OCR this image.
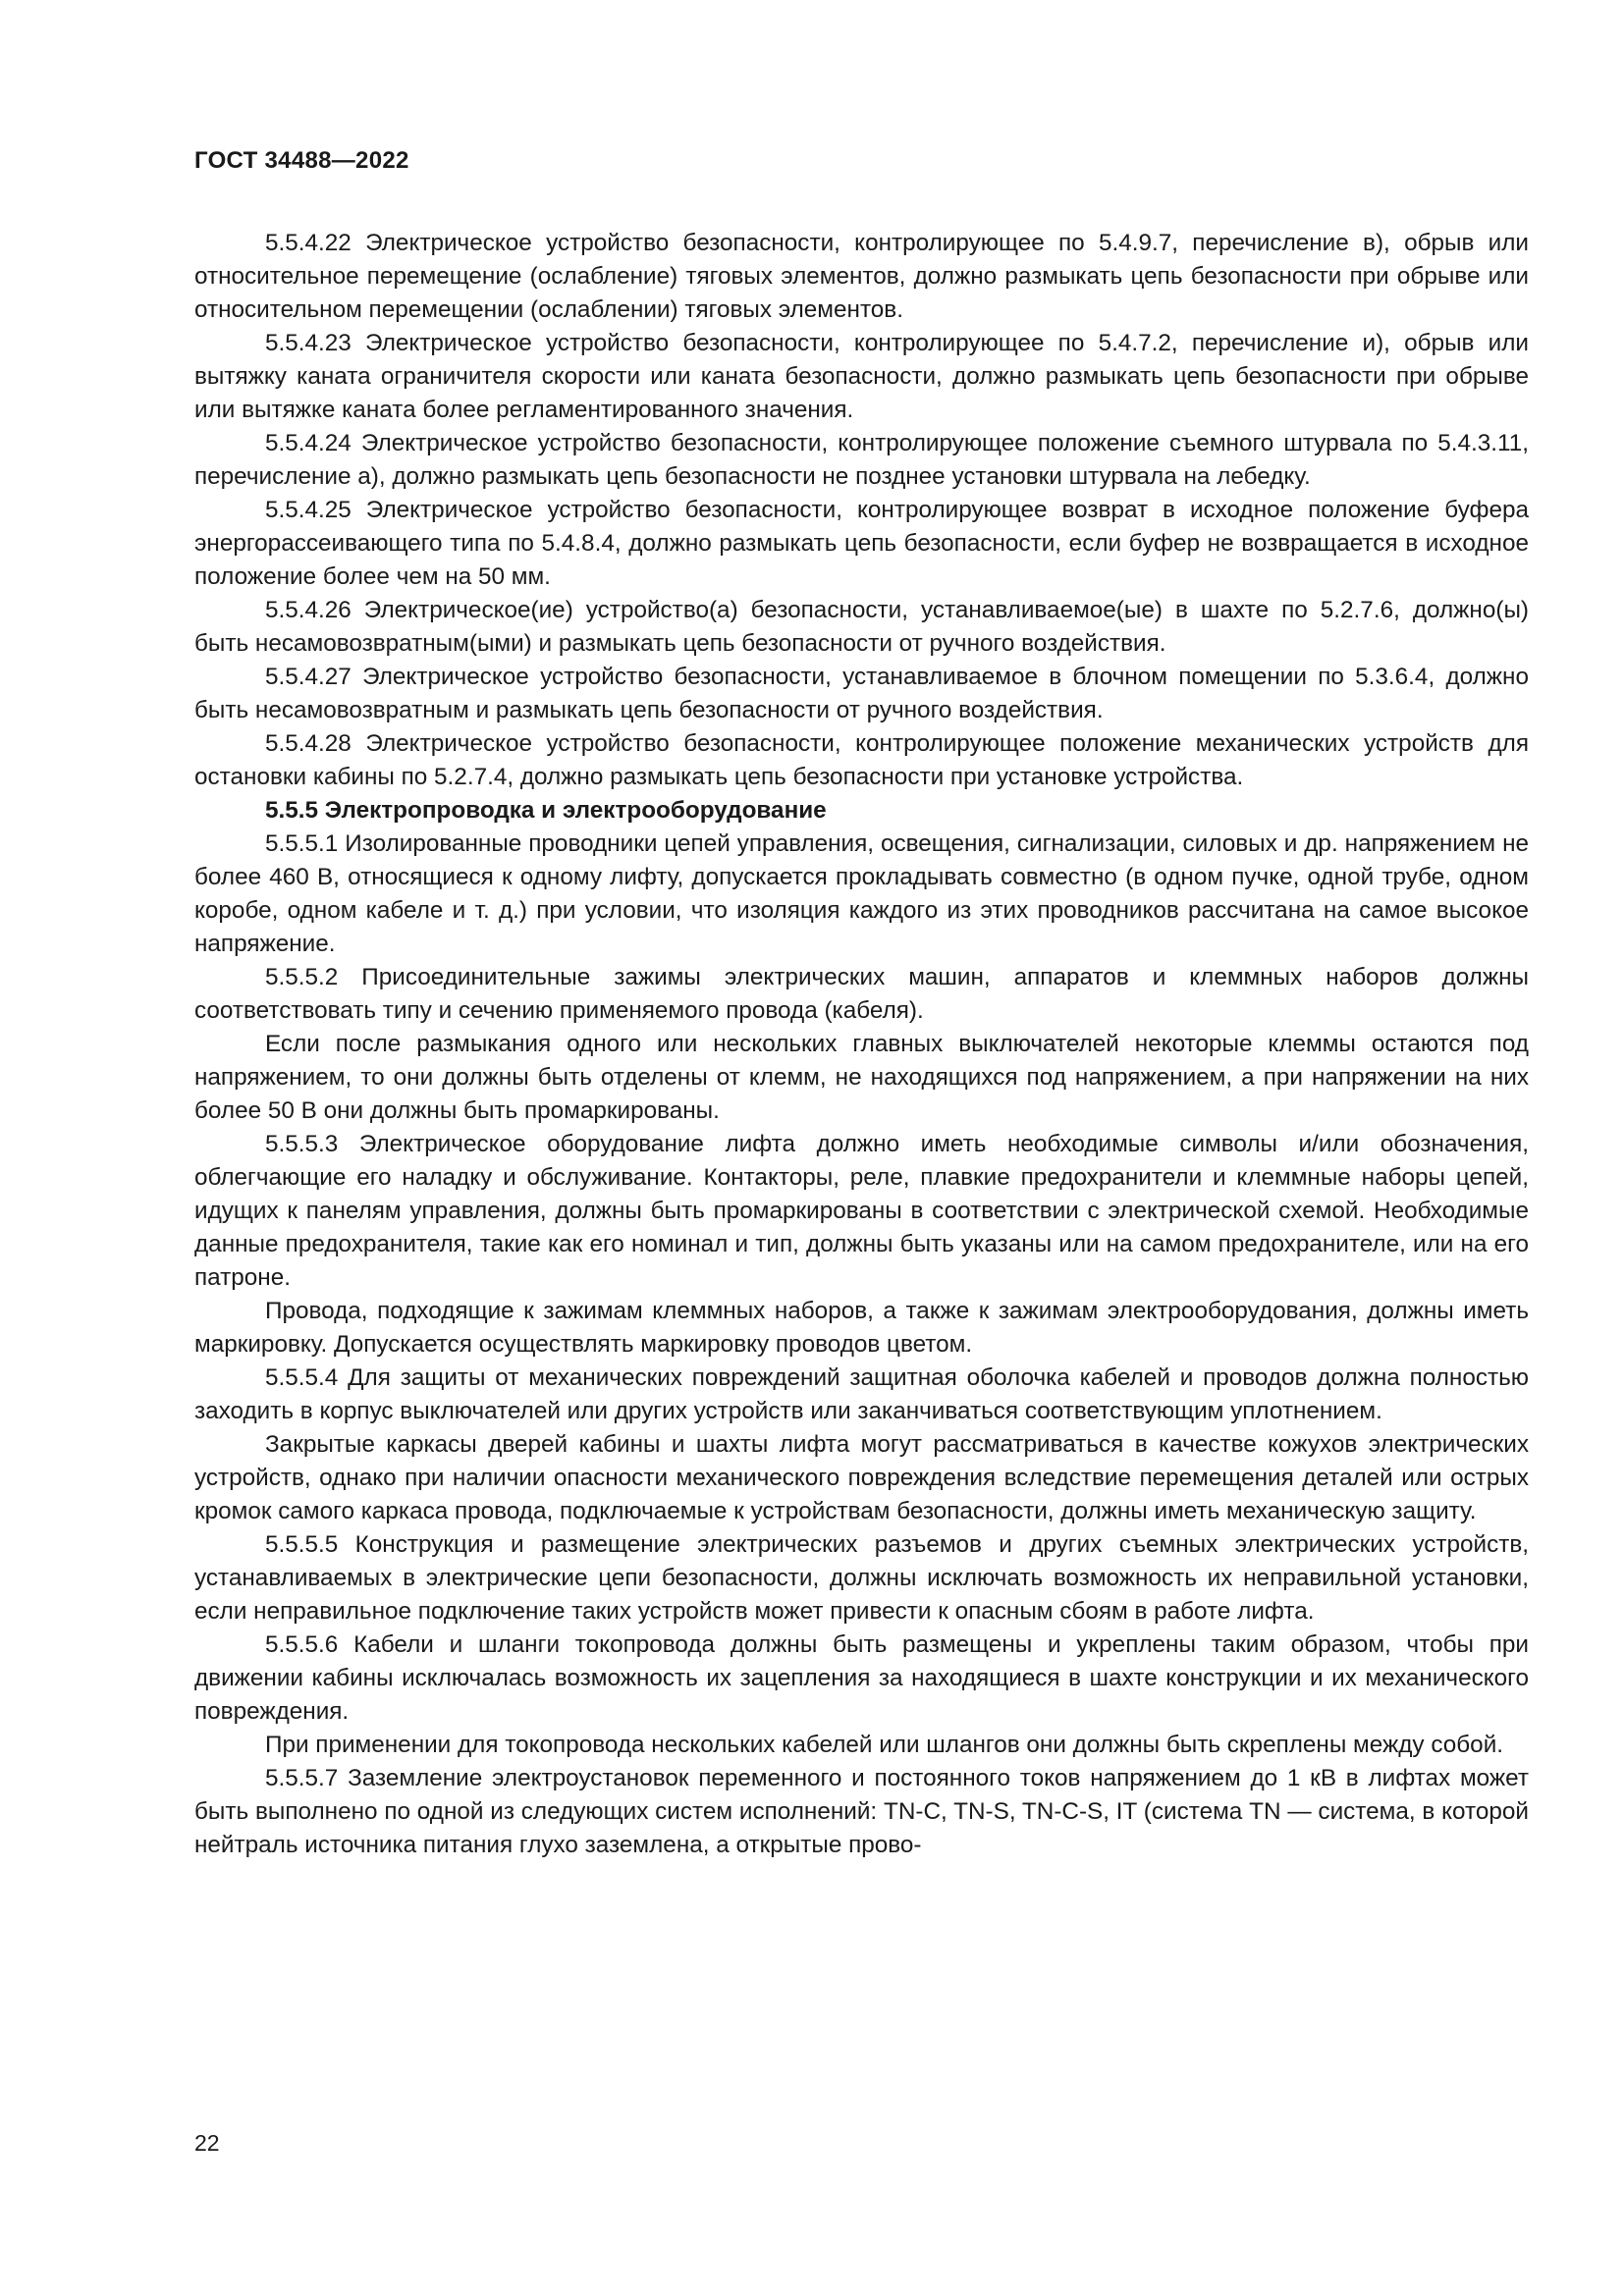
ГОСТ 34488—2022

5.5.4.22 Электрическое устройство безопасности, контролирующее по 5.4.9.7, перечисление в), обрыв или относительное перемещение (ослабление) тяговых элементов, должно размыкать цепь безопасности при обрыве или относительном перемещении (ослаблении) тяговых элементов.

5.5.4.23 Электрическое устройство безопасности, контролирующее по 5.4.7.2, перечисление и), обрыв или вытяжку каната ограничителя скорости или каната безопасности, должно размыкать цепь безопасности при обрыве или вытяжке каната более регламентированного значения.

5.5.4.24 Электрическое устройство безопасности, контролирующее положение съемного штурвала по 5.4.3.11, перечисление а), должно размыкать цепь безопасности не позднее установки штурвала на лебедку.

5.5.4.25 Электрическое устройство безопасности, контролирующее возврат в исходное положение буфера энергорассеивающего типа по 5.4.8.4, должно размыкать цепь безопасности, если буфер не возвращается в исходное положение более чем на 50 мм.

5.5.4.26 Электрическое(ие) устройство(а) безопасности, устанавливаемое(ые) в шахте по 5.2.7.6, должно(ы) быть несамовозвратным(ыми) и размыкать цепь безопасности от ручного воздействия.

5.5.4.27 Электрическое устройство безопасности, устанавливаемое в блочном помещении по 5.3.6.4, должно быть несамовозвратным и размыкать цепь безопасности от ручного воздействия.

5.5.4.28 Электрическое устройство безопасности, контролирующее положение механических устройств для остановки кабины по 5.2.7.4, должно размыкать цепь безопасности при установке устройства.

5.5.5 Электропроводка и электрооборудование

5.5.5.1 Изолированные проводники цепей управления, освещения, сигнализации, силовых и др. напряжением не более 460 В, относящиеся к одному лифту, допускается прокладывать совместно (в одном пучке, одной трубе, одном коробе, одном кабеле и т. д.) при условии, что изоляция каждого из этих проводников рассчитана на самое высокое напряжение.

5.5.5.2 Присоединительные зажимы электрических машин, аппаратов и клеммных наборов должны соответствовать типу и сечению применяемого провода (кабеля).

Если после размыкания одного или нескольких главных выключателей некоторые клеммы остаются под напряжением, то они должны быть отделены от клемм, не находящихся под напряжением, а при напряжении на них более 50 В они должны быть промаркированы.

5.5.5.3 Электрическое оборудование лифта должно иметь необходимые символы и/или обозначения, облегчающие его наладку и обслуживание. Контакторы, реле, плавкие предохранители и клеммные наборы цепей, идущих к панелям управления, должны быть промаркированы в соответствии с электрической схемой. Необходимые данные предохранителя, такие как его номинал и тип, должны быть указаны или на самом предохранителе, или на его патроне.

Провода, подходящие к зажимам клеммных наборов, а также к зажимам электрооборудования, должны иметь маркировку. Допускается осуществлять маркировку проводов цветом.

5.5.5.4 Для защиты от механических повреждений защитная оболочка кабелей и проводов должна полностью заходить в корпус выключателей или других устройств или заканчиваться соответствующим уплотнением.

Закрытые каркасы дверей кабины и шахты лифта могут рассматриваться в качестве кожухов электрических устройств, однако при наличии опасности механического повреждения вследствие перемещения деталей или острых кромок самого каркаса провода, подключаемые к устройствам безопасности, должны иметь механическую защиту.

5.5.5.5 Конструкция и размещение электрических разъемов и других съемных электрических устройств, устанавливаемых в электрические цепи безопасности, должны исключать возможность их неправильной установки, если неправильное подключение таких устройств может привести к опасным сбоям в работе лифта.

5.5.5.6 Кабели и шланги токопровода должны быть размещены и укреплены таким образом, чтобы при движении кабины исключалась возможность их зацепления за находящиеся в шахте конструкции и их механического повреждения.

При применении для токопровода нескольких кабелей или шлангов они должны быть скреплены между собой.

5.5.5.7 Заземление электроустановок переменного и постоянного токов напряжением до 1 кВ в лифтах может быть выполнено по одной из следующих систем исполнений: TN-C, TN-S, TN-C-S, IT (система TN — система, в которой нейтраль источника питания глухо заземлена, а открытые прово-

22
